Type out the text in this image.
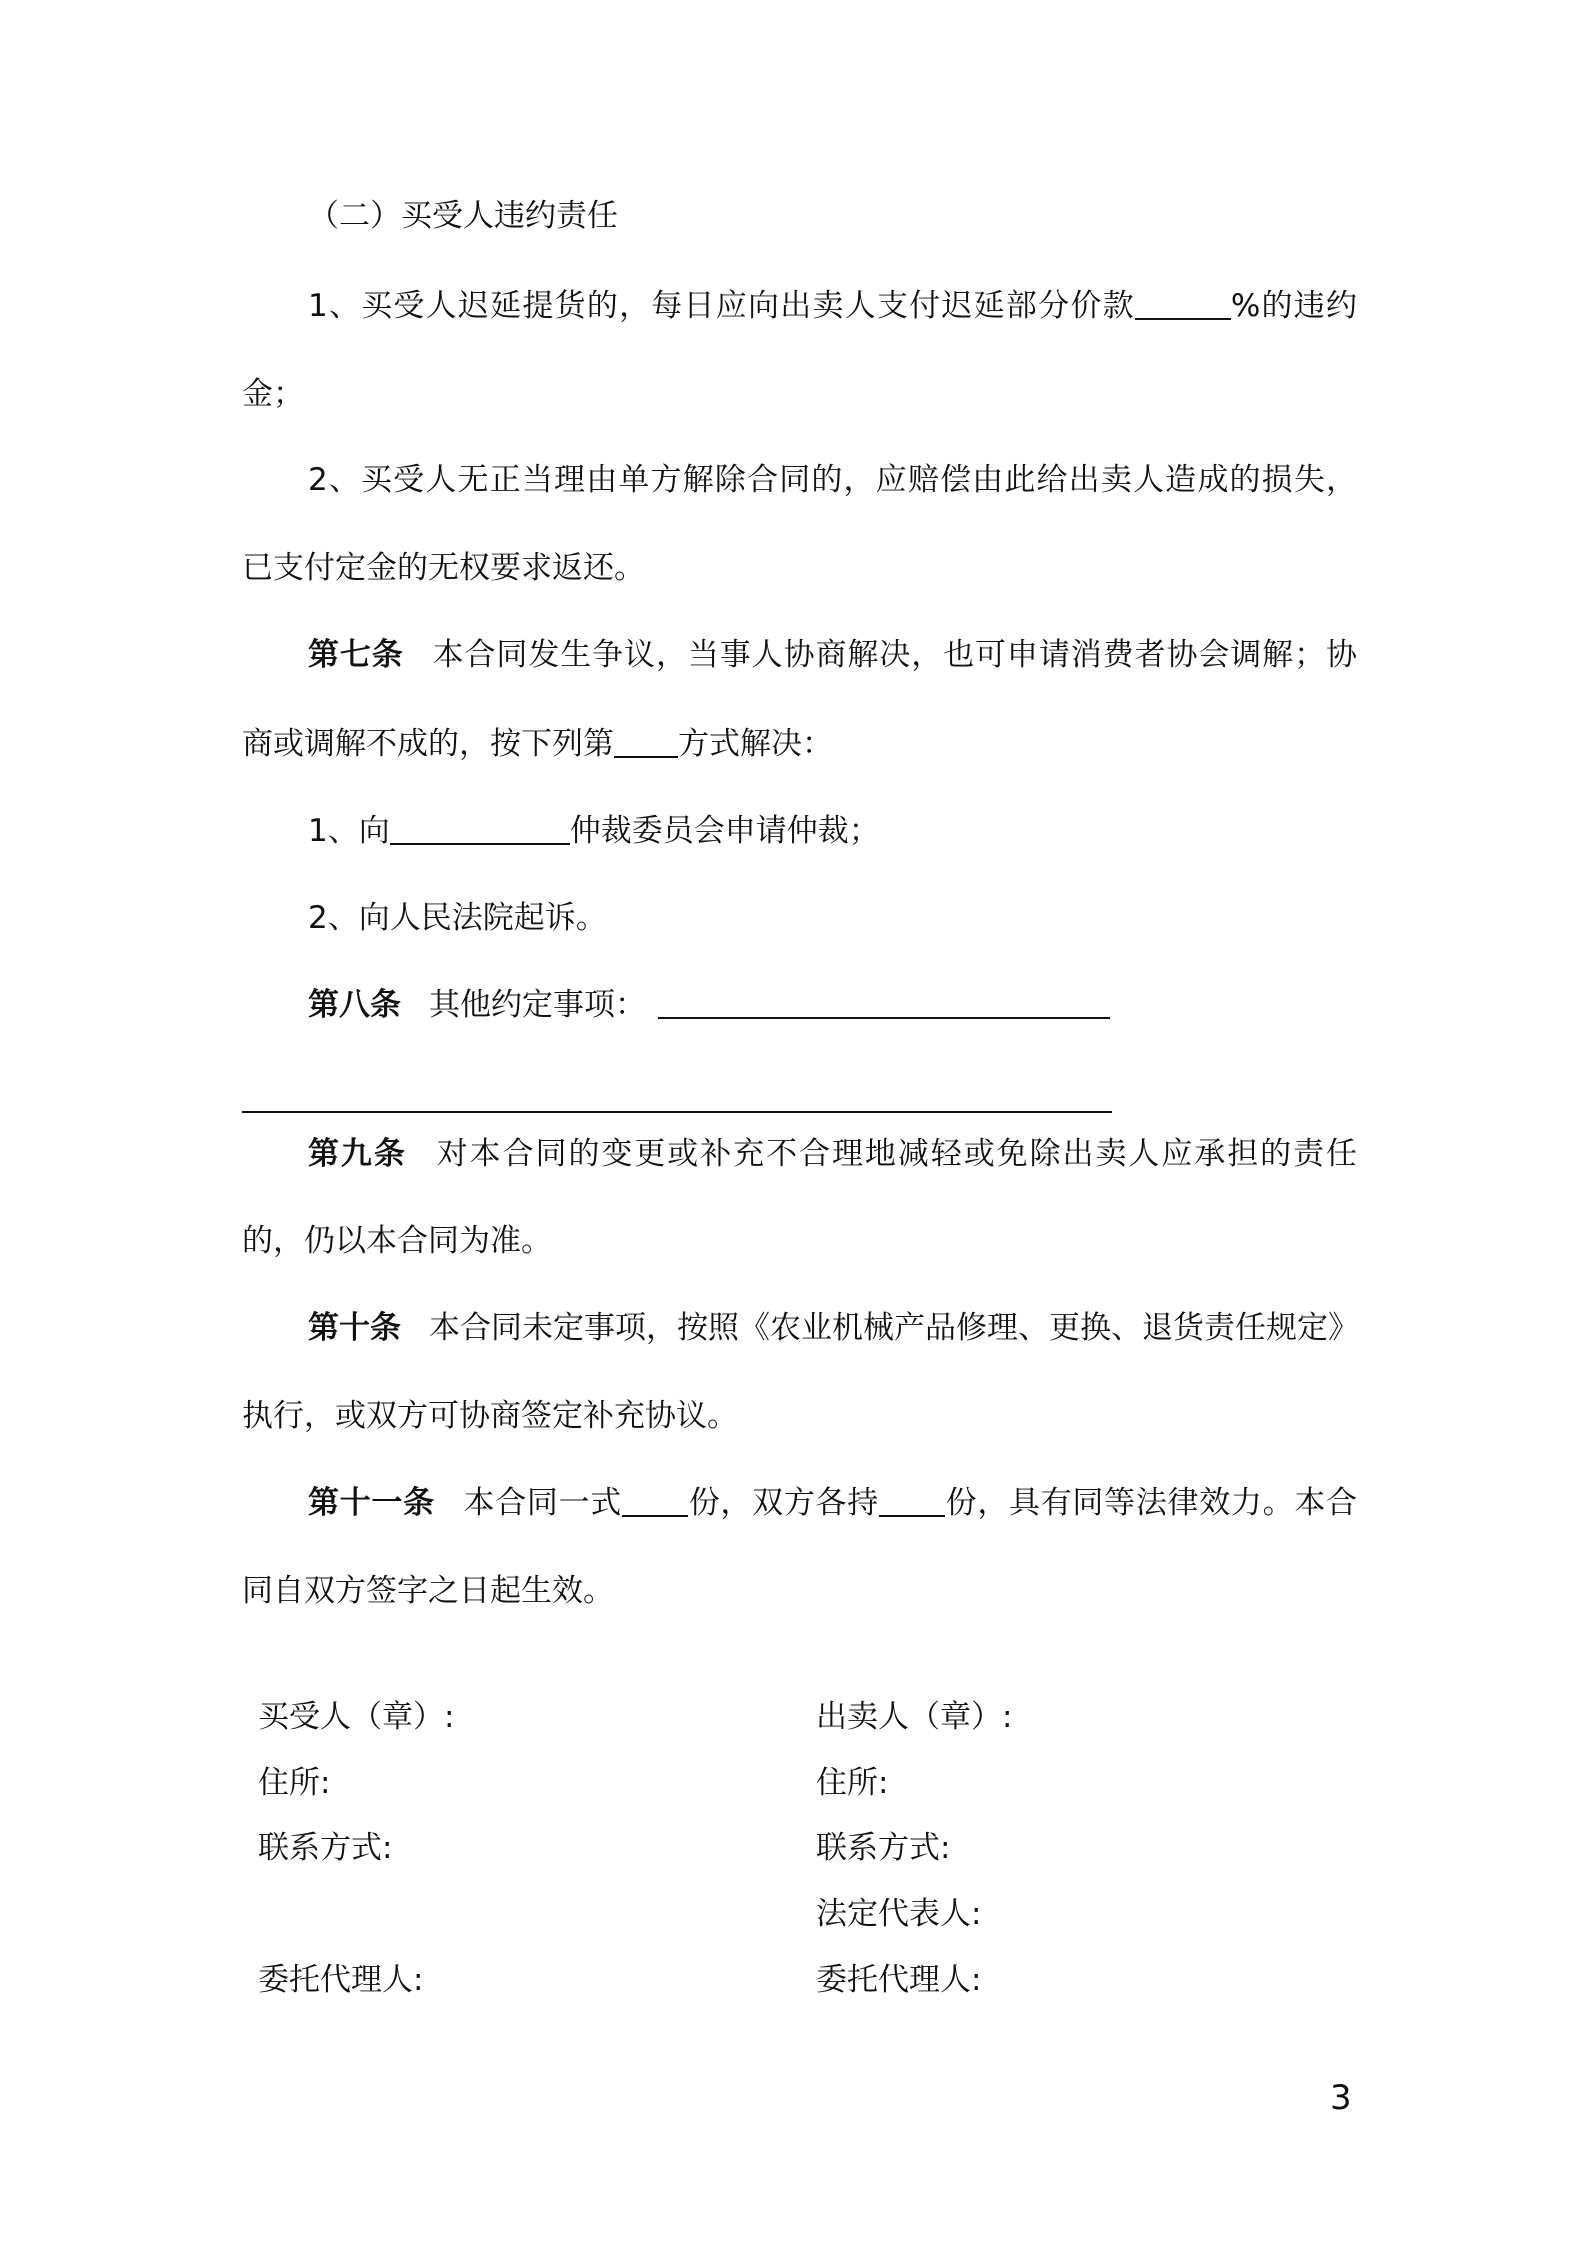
（二）买受人违约责任
1、买受人迟延提货的，每日应向出卖人支付迟延部分价款	%的违约
金；
2、买受人无正当理由单方解除合同的，应赔偿由此给出卖人造成的损失，
已支付定金的无权要求返还。
第七条 本合同发生争议，当事人协商解决，也可申请消费者协会调解；协
商或调解不成的，按下列第 方式解决：
1、向	仲裁委员会申请仲裁；
2、向人民法院起诉。
第八条 其他约定事项：
第九条 对本合同的变更或补充不合理地减轻或免除出卖人应承担的责任
的，仍以本合同为准。
第十条 本合同未定事项，按照《农业机械产品修理、更换、退货责任规定》
执行，或双方可协商签定补充协议。
第十一条 本合同一式 份，双方各持 份，具有同等法律效力。本合
同自双方签字之日起生效。
买受人（章）:
住所:
联系方式:
委托代理人:
出卖人（章）:
住所:
联系方式:
法定代表人:
委托代理人:
3
